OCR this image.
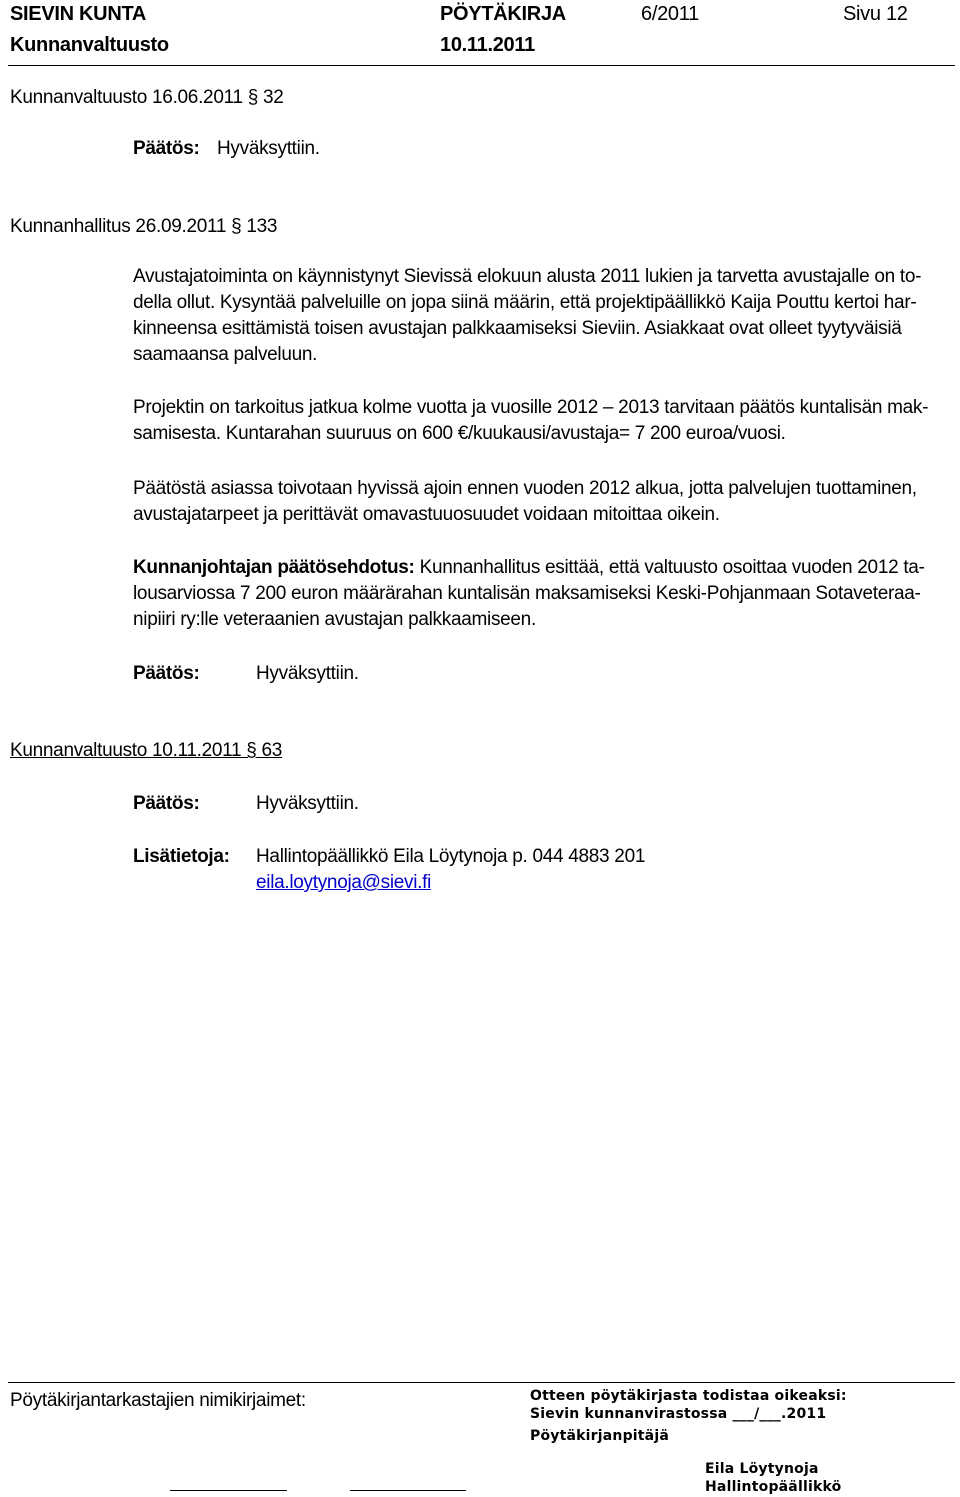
SIEVIN KUNTA	PÖYTÄKIRJA	6/2011	Sivu 12
Kunnanvaltuusto	10.11.2011
Kunnanvaltuusto 16.06.2011 § 32
Päätös: Hyväksyttiin.
Kunnanhallitus 26.09.2011 § 133
Avustajatoiminta on käynnistynyt Sievissä elokuun alusta 2011 lukien ja tarvetta avustajalle on to-
della ollut. Kysyntää palveluille on jopa siinä määrin, että projektipäällikkö Kaija Pouttu kertoi har-
kinneensa esittämistä toisen avustajan palkkaamiseksi Sieviin. Asiakkaat ovat olleet tyytyväisiä
saamaansa palveluun.
Projektin on tarkoitus jatkua kolme vuotta ja vuosille 2012 – 2013 tarvitaan päätös kuntalisän mak-
samisesta. Kuntarahan suuruus on 600 €/kuukausi/avustaja= 7 200 euroa/vuosi.
Päätöstä asiassa toivotaan hyvissä ajoin ennen vuoden 2012 alkua, jotta palvelujen tuottaminen,
avustajatarpeet ja perittävät omavastuuosuudet voidaan mitoittaa oikein.
Kunnanjohtajan päätösehdotus: Kunnanhallitus esittää, että valtuusto osoittaa vuoden 2012 ta-
lousarviossa 7 200 euron määrärahan kuntalisän maksamiseksi Keski-Pohjanmaan Sotaveteraa-
nipiiri ry:lle veteraanien avustajan palkkaamiseen.
Päätös:	Hyväksyttiin.
Kunnanvaltuusto 10.11.2011 § 63
Päätös:	Hyväksyttiin.
Lisätietoja: Hallintopäällikkö Eila Löytynoja p. 044 4883 201
eila.loytynoja@sievi.fi
Pöytäkirjantarkastajien nimikirjaimet:	Otteen pöytäkirjasta todistaa oikeaksi:
Sievin kunnanvirastossa ___/___.2011
Pöytäkirjanpitäjä
Eila Löytynoja
Hallintopäällikkö
